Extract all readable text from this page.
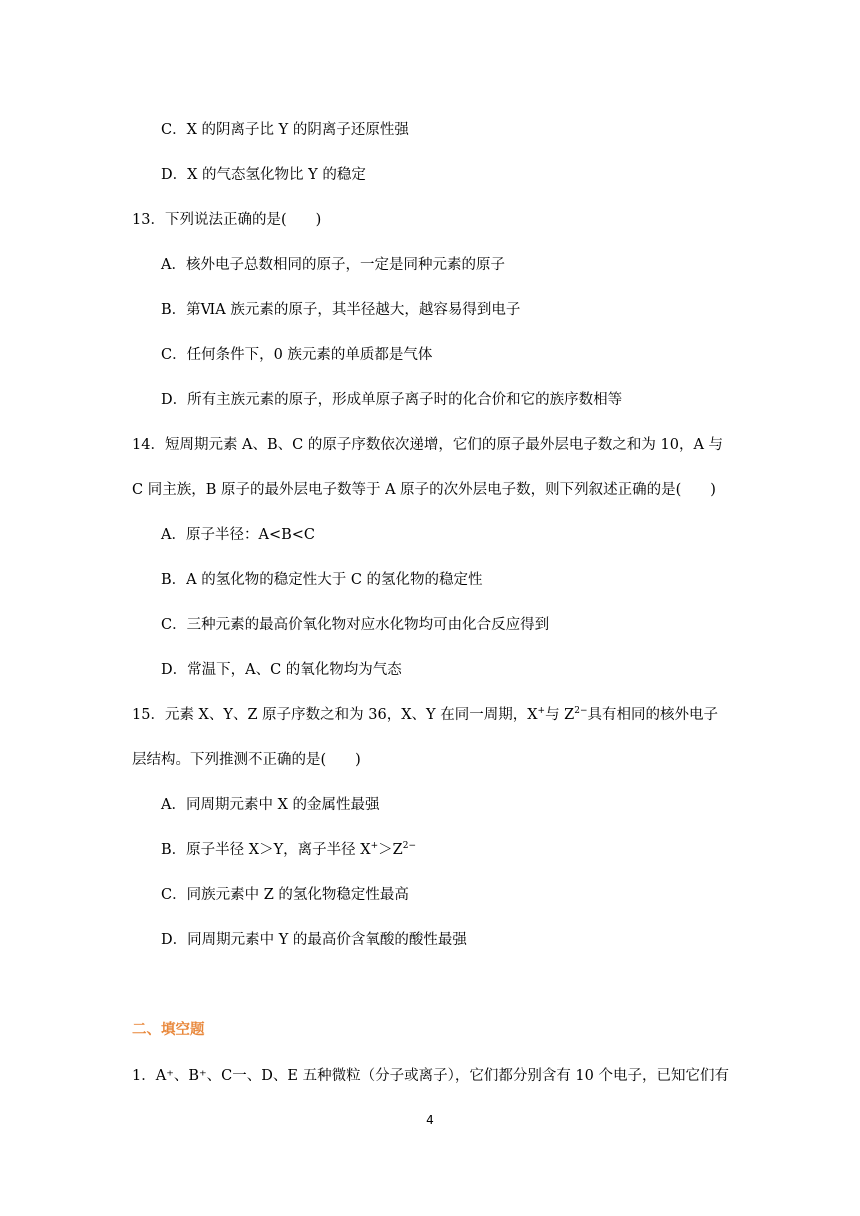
C．X 的阴离子比 Y 的阴离子还原性强
D．X 的气态氢化物比 Y 的稳定
13．下列说法正确的是(　　)
A．核外电子总数相同的原子，一定是同种元素的原子
B．第ⅥA 族元素的原子，其半径越大，越容易得到电子
C．任何条件下，0 族元素的单质都是气体
D．所有主族元素的原子，形成单原子离子时的化合价和它的族序数相等
14．短周期元素 A、B、C 的原子序数依次递增，它们的原子最外层电子数之和为 10，A 与
C 同主族，B 原子的最外层电子数等于 A 原子的次外层电子数，则下列叙述正确的是(　　)
A．原子半径：A<B<C
B．A 的氢化物的稳定性大于 C 的氢化物的稳定性
C．三种元素的最高价氧化物对应水化物均可由化合反应得到
D．常温下，A、C 的氧化物均为气态
15．元素 X、Y、Z 原子序数之和为 36，X、Y 在同一周期，X+与 $Z^{2-}$具有相同的核外电子
层结构。下列推测不正确的是(　　)
A．同周期元素中 X 的金属性最强
B．原子半径 X＞Y，离子半径 $X^+>Z^{2-}$
C．同族元素中 Z 的氢化物稳定性最高
D．同周期元素中 Y 的最高价含氧酸的酸性最强
二、填空题
1．A⁺、B⁺、C一、D、E 五种微粒（分子或离子），它们都分别含有 10 个电子，已知它们有
4
